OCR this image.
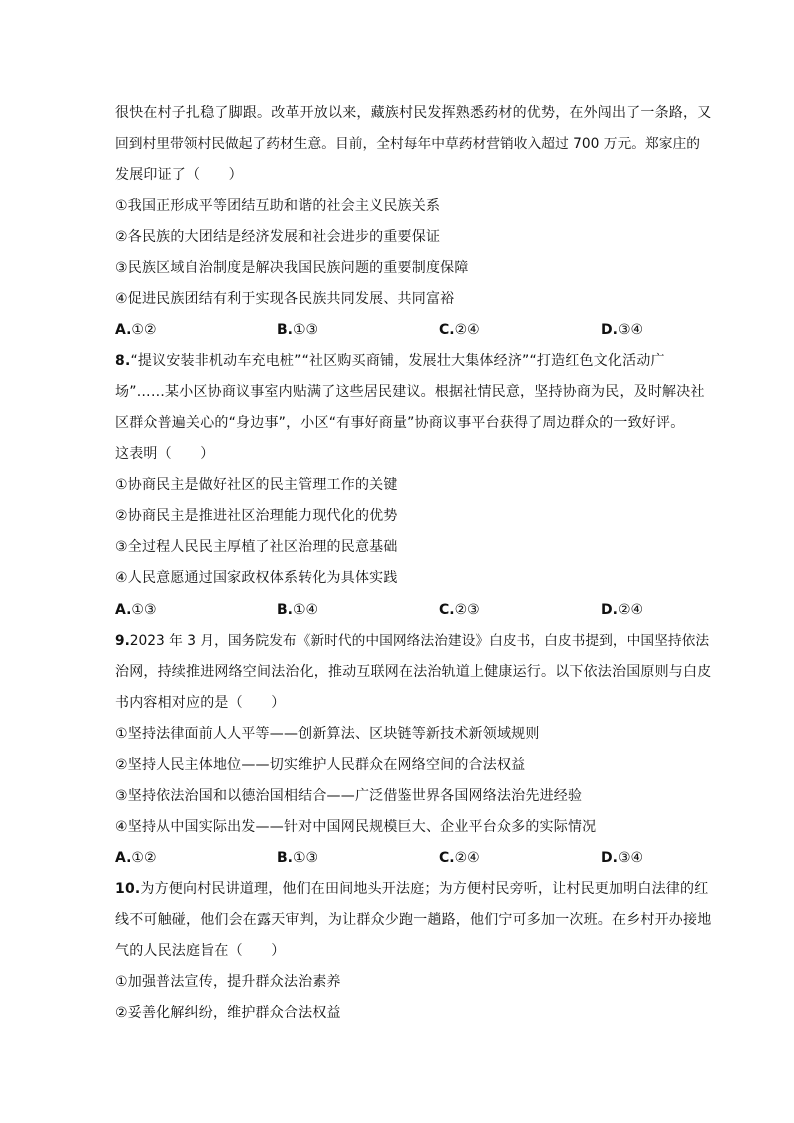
很快在村子扎稳了脚跟。改革开放以来，藏族村民发挥熟悉药材的优势，在外闯出了一条路，又
回到村里带领村民做起了药材生意。目前，全村每年中草药材营销收入超过 700 万元。郑家庄的
发展印证了（　　）
①我国正形成平等团结互助和谐的社会主义民族关系
②各民族的大团结是经济发展和社会进步的重要保证
③民族区域自治制度是解决我国民族问题的重要制度保障
④促进民族团结有利于实现各民族共同发展、共同富裕
A.①②	B.①③	C.②④	D.③④
8.“提议安装非机动车充电桩”“社区购买商铺，发展壮大集体经济”“打造红色文化活动广
场”……某小区协商议事室内贴满了这些居民建议。根据社情民意，坚持协商为民，及时解决社
区群众普遍关心的“身边事”，小区“有事好商量”协商议事平台获得了周边群众的一致好评。
这表明（　　）
①协商民主是做好社区的民主管理工作的关键
②协商民主是推进社区治理能力现代化的优势
③全过程人民民主厚植了社区治理的民意基础
④人民意愿通过国家政权体系转化为具体实践
A.①③	B.①④	C.②③	D.②④
9.2023 年 3 月，国务院发布《新时代的中国网络法治建设》白皮书，白皮书提到，中国坚持依法
治网，持续推进网络空间法治化，推动互联网在法治轨道上健康运行。以下依法治国原则与白皮
书内容相对应的是（　　）
①坚持法律面前人人平等——创新算法、区块链等新技术新领域规则
②坚持人民主体地位——切实维护人民群众在网络空间的合法权益
③坚持依法治国和以德治国相结合——广泛借鉴世界各国网络法治先进经验
④坚持从中国实际出发——针对中国网民规模巨大、企业平台众多的实际情况
A.①②	B.①③	C.②④	D.③④
10.为方便向村民讲道理，他们在田间地头开法庭；为方便村民旁听，让村民更加明白法律的红
线不可触碰，他们会在露天审判，为让群众少跑一趟路，他们宁可多加一次班。在乡村开办接地
气的人民法庭旨在（　　）
①加强普法宣传，提升群众法治素养
②妥善化解纠纷，维护群众合法权益
